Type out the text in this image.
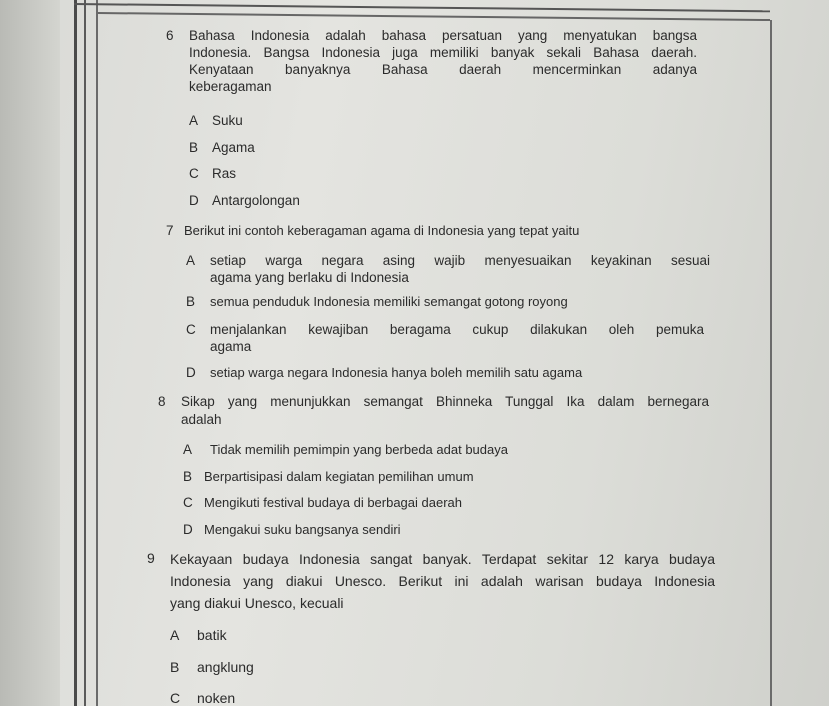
6 Bahasa Indonesia adalah bahasa persatuan yang menyatukan bangsa
Indonesia. Bangsa Indonesia juga memiliki banyak sekali Bahasa daerah.
Kenyataan banyaknya Bahasa daerah mencerminkan adanya
keberagaman
A Suku
B Agama
C Ras
D Antargolongan
7 Berikut ini contoh keberagaman agama di Indonesia yang tepat yaitu
A setiap warga negara asing wajib menyesuaikan keyakinan sesuai
agama yang berlaku di Indonesia
B semua penduduk Indonesia memiliki semangat gotong royong
C menjalankan kewajiban beragama cukup dilakukan oleh pemuka
agama
D setiap warga negara Indonesia hanya boleh memilih satu agama
8 Sikap yang menunjukkan semangat Bhinneka Tunggal Ika dalam bernegara
adalah
A Tidak memilih pemimpin yang berbeda adat budaya
B Berpartisipasi dalam kegiatan pemilihan umum
C Mengikuti festival budaya di berbagai daerah
D Mengakui suku bangsanya sendiri
9 Kekayaan budaya Indonesia sangat banyak. Terdapat sekitar 12 karya budaya
Indonesia yang diakui Unesco. Berikut ini adalah warisan budaya Indonesia
yang diakui Unesco, kecuali
A batik
B angklung
C noken
